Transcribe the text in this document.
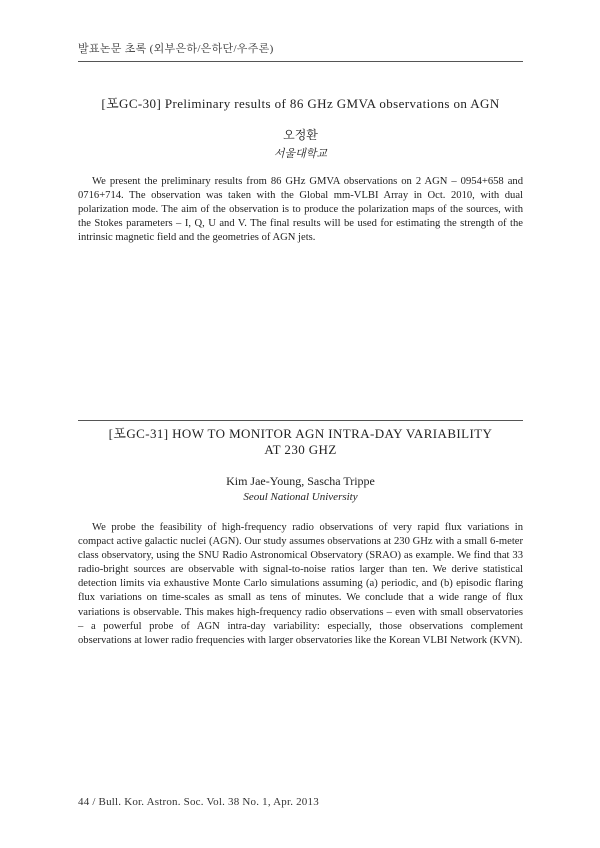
발표논문 초록 (외부은하/은하단/우주론)
[포GC-30] Preliminary results of 86 GHz GMVA observations on AGN
오정환
서울대학교
We present the preliminary results from 86 GHz GMVA observations on 2 AGN – 0954+658 and 0716+714. The observation was taken with the Global mm-VLBI Array in Oct. 2010, with dual polarization mode. The aim of the observation is to produce the polarization maps of the sources, with the Stokes parameters – I, Q, U and V. The final results will be used for estimating the strength of the intrinsic magnetic field and the geometries of AGN jets.
[포GC-31] HOW TO MONITOR AGN INTRA-DAY VARIABILITY
AT 230 GHZ
Kim Jae-Young, Sascha Trippe
Seoul National University
We probe the feasibility of high-frequency radio observations of very rapid flux variations in compact active galactic nuclei (AGN). Our study assumes observations at 230 GHz with a small 6-meter class observatory, using the SNU Radio Astronomical Observatory (SRAO) as example. We find that 33 radio-bright sources are observable with signal-to-noise ratios larger than ten. We derive statistical detection limits via exhaustive Monte Carlo simulations assuming (a) periodic, and (b) episodic flaring flux variations on time-scales as small as tens of minutes. We conclude that a wide range of flux variations is observable. This makes high-frequency radio observations – even with small observatories – a powerful probe of AGN intra-day variability: especially, those observations complement observations at lower radio frequencies with larger observatories like the Korean VLBI Network (KVN).
44 / Bull. Kor. Astron. Soc. Vol. 38 No. 1, Apr. 2013
